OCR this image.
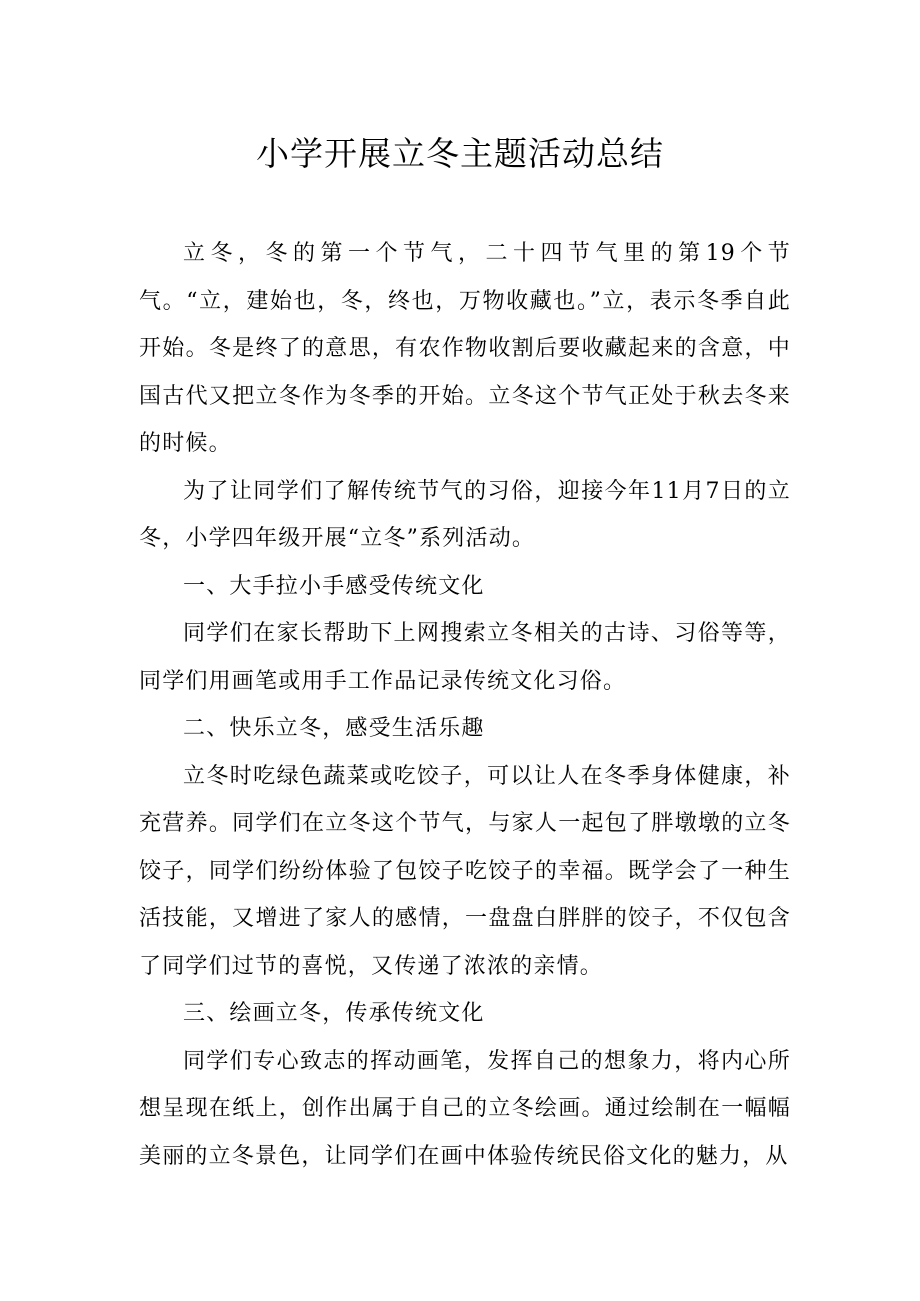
小学开展立冬主题活动总结

立冬，冬的第一个节气，二十四节气里的第19个节气。“立，建始也，冬，终也，万物收藏也。”立，表示冬季自此开始。冬是终了的意思，有农作物收割后要收藏起来的含意，中国古代又把立冬作为冬季的开始。立冬这个节气正处于秋去冬来的时候。

为了让同学们了解传统节气的习俗，迎接今年11月7日的立冬，小学四年级开展“立冬”系列活动。

一、大手拉小手感受传统文化

同学们在家长帮助下上网搜索立冬相关的古诗、习俗等等，同学们用画笔或用手工作品记录传统文化习俗。

二、快乐立冬，感受生活乐趣

立冬时吃绿色蔬菜或吃饺子，可以让人在冬季身体健康，补充营养。同学们在立冬这个节气，与家人一起包了胖墩墩的立冬饺子，同学们纷纷体验了包饺子吃饺子的幸福。既学会了一种生活技能，又增进了家人的感情，一盘盘白胖胖的饺子，不仅包含了同学们过节的喜悦，又传递了浓浓的亲情。

三、绘画立冬，传承传统文化

同学们专心致志的挥动画笔，发挥自己的想象力，将内心所想呈现在纸上，创作出属于自己的立冬绘画。通过绘制在一幅幅美丽的立冬景色，让同学们在画中体验传统民俗文化的魅力，从
